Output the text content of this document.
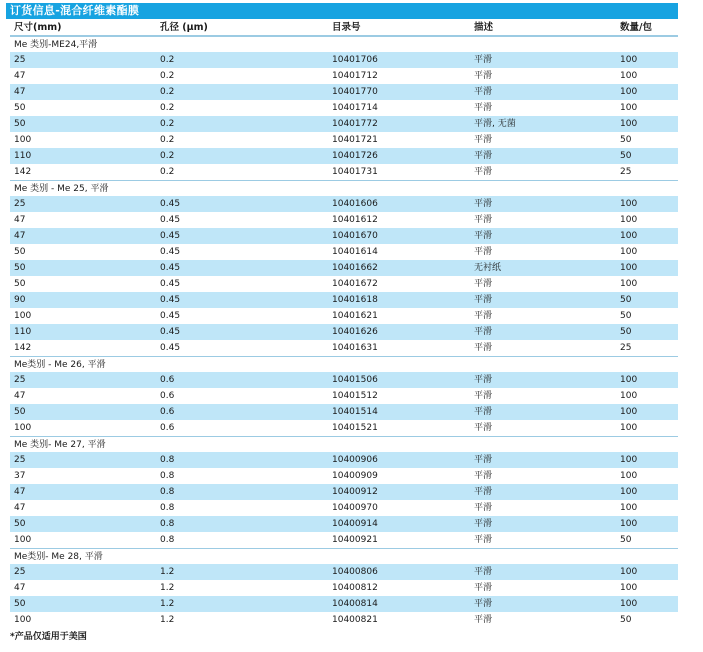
订货信息-混合纤维素酯膜
尺寸(mm)	孔径 (μm)	目录号	描述	数量/包
Me 类别-ME24,平滑
25	0.2	10401706	平滑	100
47	0.2	10401712	平滑	100
47	0.2	10401770	平滑	100
50	0.2	10401714	平滑	100
50	0.2	10401772	平滑, 无菌	100
100	0.2	10401721	平滑	50
110	0.2	10401726	平滑	50
142	0.2	10401731	平滑	25
Me 类别 - Me 25, 平滑
25	0.45	10401606	平滑	100
47	0.45	10401612	平滑	100
47	0.45	10401670	平滑	100
50	0.45	10401614	平滑	100
50	0.45	10401662	无衬纸	100
50	0.45	10401672	平滑	100
90	0.45	10401618	平滑	50
100	0.45	10401621	平滑	50
110	0.45	10401626	平滑	50
142	0.45	10401631	平滑	25
Me类别 - Me 26, 平滑
25	0.6	10401506	平滑	100
47	0.6	10401512	平滑	100
50	0.6	10401514	平滑	100
100	0.6	10401521	平滑	100
Me 类别- Me 27, 平滑
25	0.8	10400906	平滑	100
37	0.8	10400909	平滑	100
47	0.8	10400912	平滑	100
47	0.8	10400970	平滑	100
50	0.8	10400914	平滑	100
100	0.8	10400921	平滑	50
Me类别- Me 28, 平滑
25	1.2	10400806	平滑	100
47	1.2	10400812	平滑	100
50	1.2	10400814	平滑	100
100	1.2	10400821	平滑	50
*产品仅适用于美国
